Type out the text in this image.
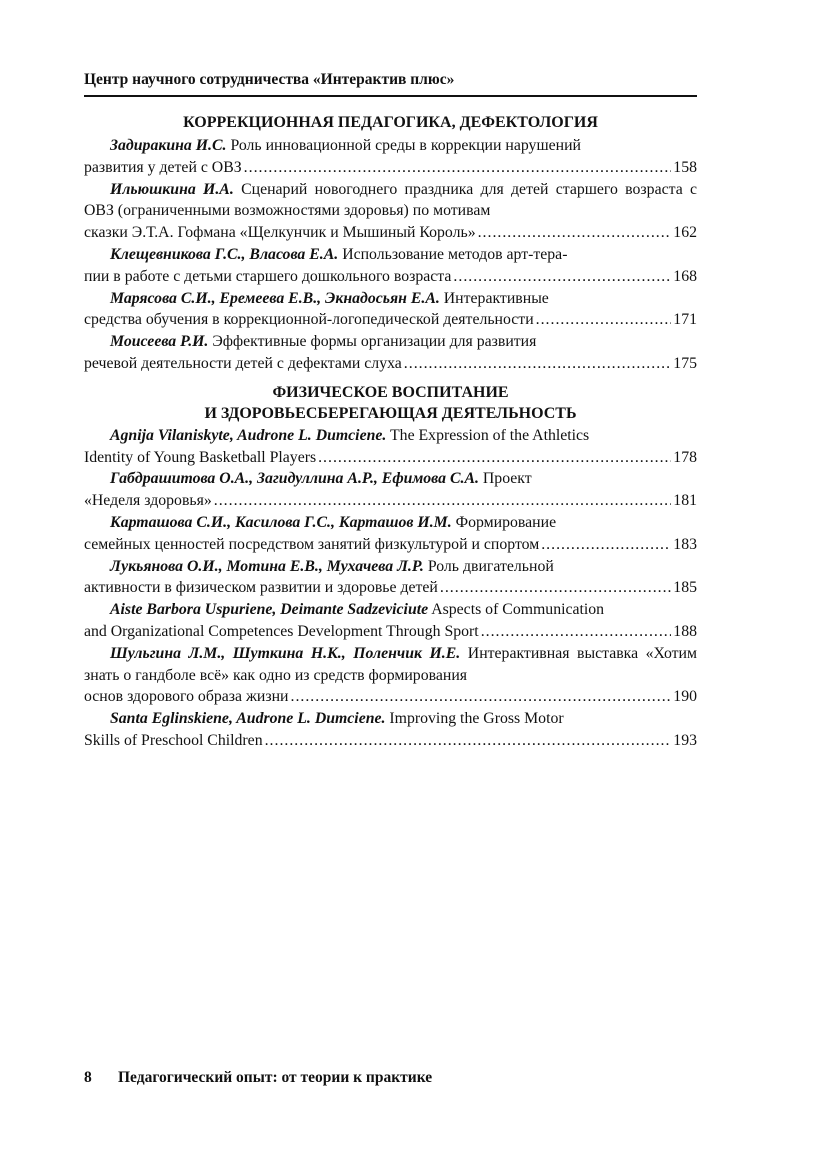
Центр научного сотрудничества «Интерактив плюс»

КОРРЕКЦИОННАЯ ПЕДАГОГИКА, ДЕФЕКТОЛОГИЯ

Задиракина И.С. Роль инновационной среды в коррекции нарушений

развития у детей с ОВЗ .....	158

Ильюшкина И.А. Сценарий новогоднего праздника для детей старшего возраста с ОВЗ (ограниченными возможностями здоровья) по мотивам

сказки Э.Т.А. Гофмана «Щелкунчик и Мышиный Король» .....	162

Клещевникова Г.С., Власова Е.А. Использование методов арт-тера-

пии в работе с детьми старшего дошкольного возраста .....	168

Марясова С.И., Еремеева Е.В., Экнадосьян Е.А. Интерактивные

средства обучения в коррекционной-логопедической деятельности .....	171

Моисеева Р.И. Эффективные формы организации для развития

речевой деятельности детей с дефектами слуха .....	175

ФИЗИЧЕСКОЕ ВОСПИТАНИЕ
И ЗДОРОВЬЕСБЕРЕГАЮЩАЯ ДЕЯТЕЛЬНОСТЬ

Agnija Vilaniskyte, Audrone L. Dumciene. The Expression of the Athletics

Identity of Young Basketball Players .....	178

Габдрашитова О.А., Загидуллина А.Р., Ефимова С.А. Проект

«Неделя здоровья» .....	181

Карташова С.И., Касилова Г.С., Карташов И.М. Формирование

семейных ценностей посредством занятий физкультурой и спортом .....	183

Лукьянова О.И., Мотина Е.В., Мухачева Л.Р. Роль двигательной

активности в физическом развитии и здоровье детей .....	185

Aiste Barbora Uspuriene, Deimante Sadzeviciute Aspects of Communication

and Organizational Competences Development Through Sport .....	188

Шульгина Л.М., Шуткина Н.К., Поленчик И.Е. Интерактивная выставка «Хотим знать о гандболе всё» как одно из средств формирования

основ здорового образа жизни .....	190

Santa Eglinskiene, Audrone L. Dumciene. Improving the Gross Motor

Skills of Preschool Children .....	193
8 Педагогический опыт: от теории к практике
